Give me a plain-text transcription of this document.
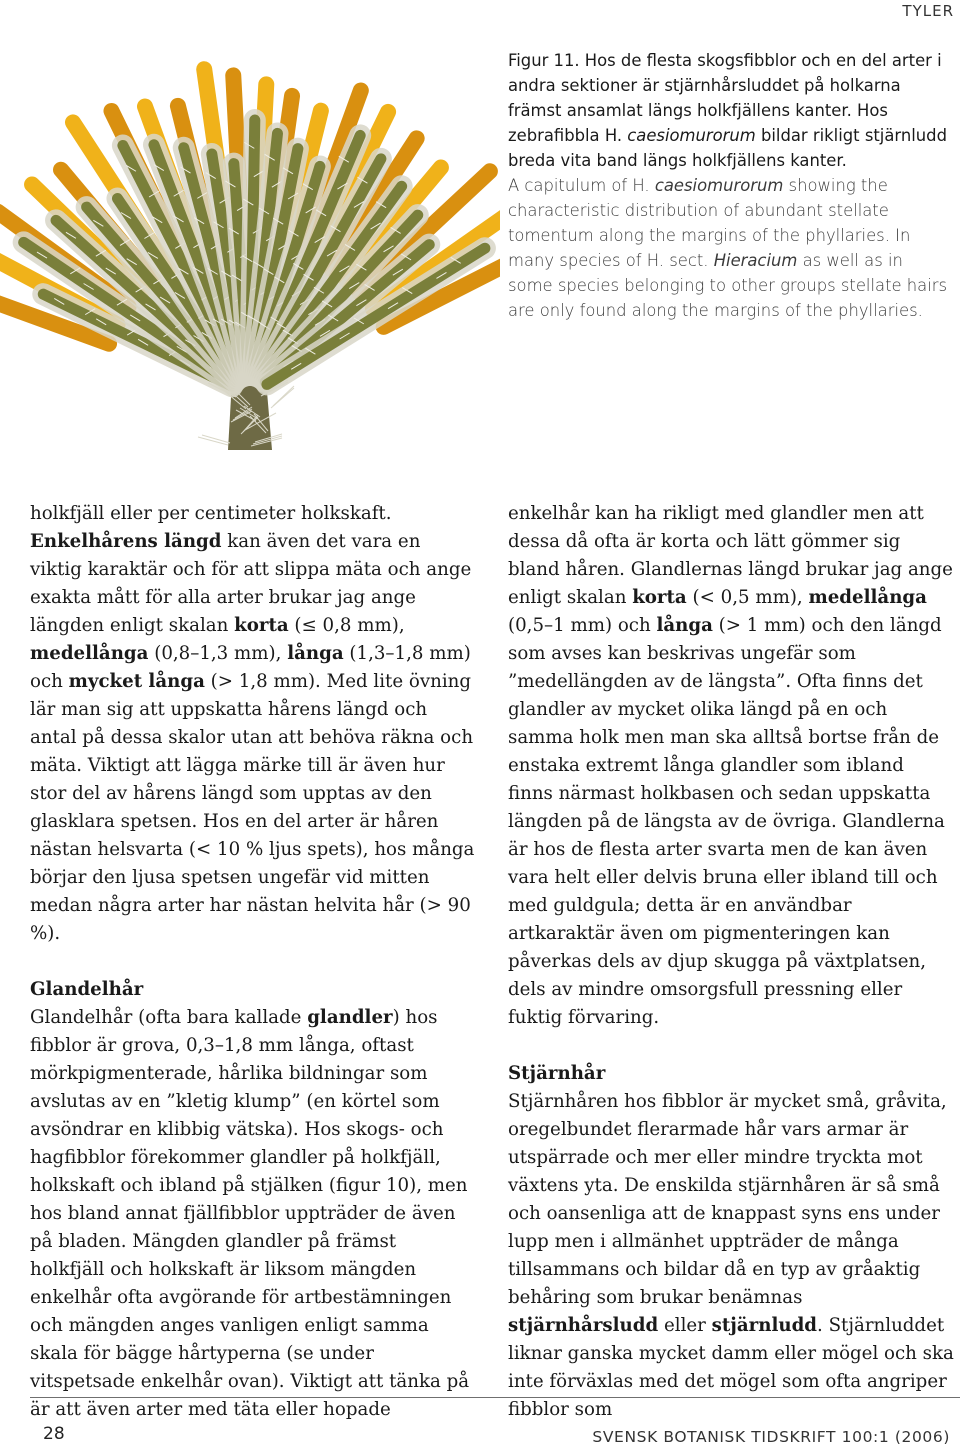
TYLER

Figur 11. Hos de flesta skogsfibblor och en del arter i andra sektioner är stjärnhårsluddet på holkarna främst ansamlat längs holkfjällens kanter. Hos zebrafibbla H. caesiomurorum bildar rikligt stjärnludd breda vita band längs holkfjällens kanter.

A capitulum of H. caesiomurorum showing the characteristic distribution of abundant stellate tomentum along the margins of the phyllaries. In many species of H. sect. Hieracium as well as in some species belonging to other groups stellate hairs are only found along the margins of the phyllaries.

holkfjäll eller per centimeter holkskaft. Enkelhårens längd kan även det vara en viktig karaktär och för att slippa mäta och ange exakta mått för alla arter brukar jag ange längden enligt skalan korta (≤ 0,8 mm), medellånga (0,8–1,3 mm), långa (1,3–1,8 mm) och mycket långa (> 1,8 mm). Med lite övning lär man sig att uppskatta hårens längd och antal på dessa skalor utan att behöva räkna och mäta. Viktigt att lägga märke till är även hur stor del av hårens längd som upptas av den glasklara spetsen. Hos en del arter är håren nästan helsvarta (< 10 % ljus spets), hos många börjar den ljusa spetsen ungefär vid mitten medan några arter har nästan helvita hår (> 90 %).

Glandelhår

Glandelhår (ofta bara kallade glandler) hos fibblor är grova, 0,3–1,8 mm långa, oftast mörkpigmenterade, hårlika bildningar som avslutas av en ”kletig klump” (en körtel som avsöndrar en klibbig vätska). Hos skogs- och hagfibblor förekommer glandler på holkfjäll, holkskaft och ibland på stjälken (figur 10), men hos bland annat fjällfibblor uppträder de även på bladen. Mängden glandler på främst holkfjäll och holkskaft är liksom mängden enkelhår ofta avgörande för artbestämningen och mängden anges vanligen enligt samma skala för bägge hårtyperna (se under vitspetsade enkelhår ovan). Viktigt att tänka på är att även arter med täta eller hopade

enkelhår kan ha rikligt med glandler men att dessa då ofta är korta och lätt gömmer sig bland håren. Glandlernas längd brukar jag ange enligt skalan korta (< 0,5 mm), medellånga (0,5–1 mm) och långa (> 1 mm) och den längd som avses kan beskrivas ungefär som ”medellängden av de längsta”. Ofta finns det glandler av mycket olika längd på en och samma holk men man ska alltså bortse från de enstaka extremt långa glandler som ibland finns närmast holkbasen och sedan uppskatta längden på de längsta av de övriga. Glandlerna är hos de flesta arter svarta men de kan även vara helt eller delvis bruna eller ibland till och med guldgula; detta är en användbar artkaraktär även om pigmenteringen kan påverkas dels av djup skugga på växtplatsen, dels av mindre omsorgsfull pressning eller fuktig förvaring.

Stjärnhår

Stjärnhåren hos fibblor är mycket små, gråvita, oregelbundet flerarmade hår vars armar är utspärrade och mer eller mindre tryckta mot växtens yta. De enskilda stjärnhåren är så små och oansenliga att de knappast syns ens under lupp men i allmänhet uppträder de många tillsammans och bildar då en typ av gråaktig behåring som brukar benämnas stjärnhårsludd eller stjärnludd. Stjärnluddet liknar ganska mycket damm eller mögel och ska inte förväxlas med det mögel som ofta angriper fibblor som

28	SVENSK BOTANISK TIDSKRIFT 100:1 (2006)
